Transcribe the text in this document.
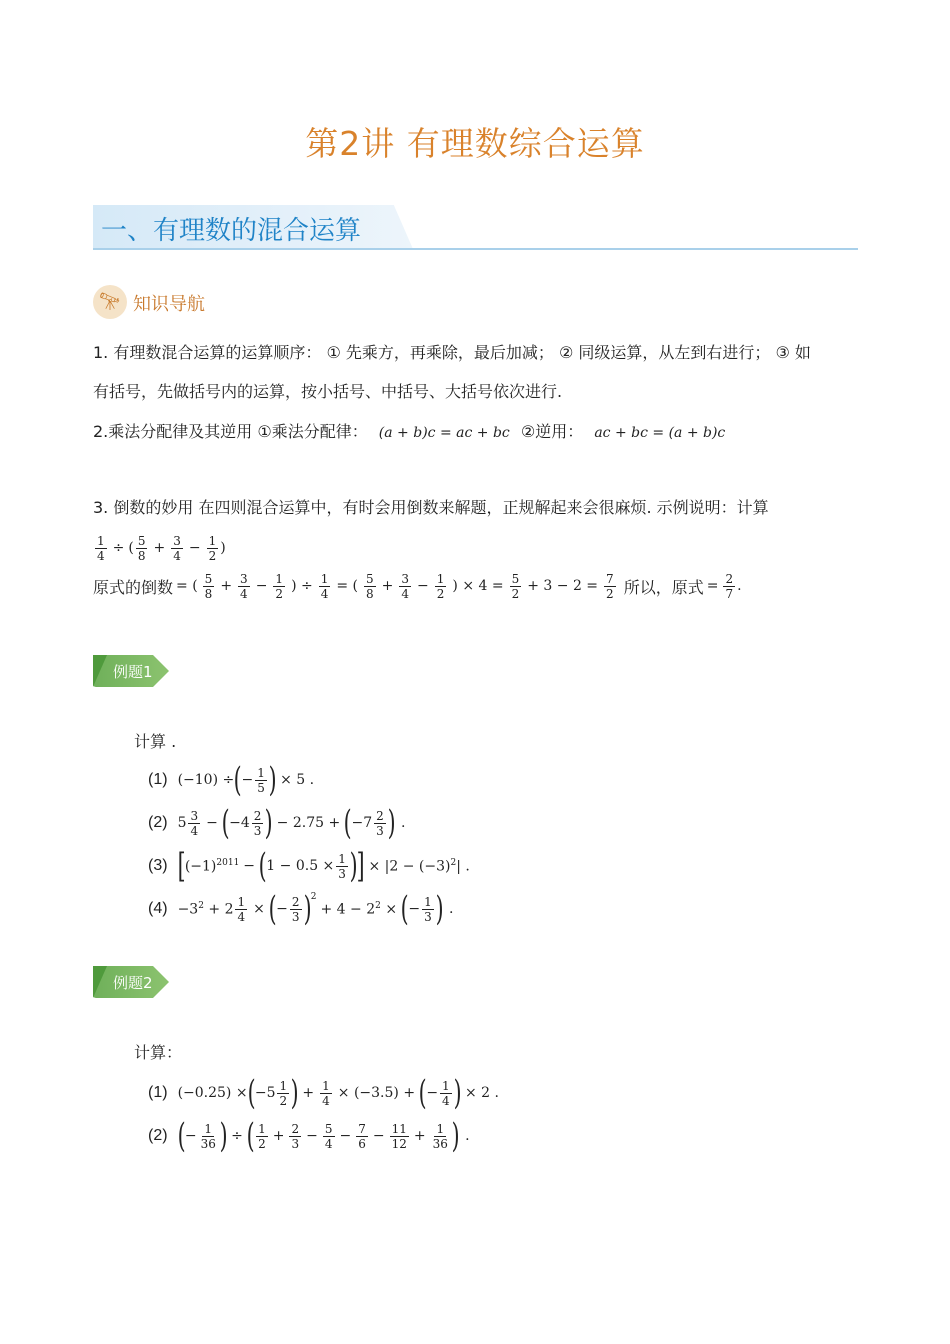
第2讲 有理数综合运算
一、有理数的混合运算
🔭︎ 知识导航
1. 有理数混合运算的运算顺序： ① 先乘方，再乘除，最后加减； ② 同级运算，从左到右进行； ③ 如
有括号，先做括号内的运算，按小括号、中括号、大括号依次进行.
2.乘法分配律及其逆用 ①乘法分配律： (a + b)c = ac + bc ②逆用： ac + bc = (a + b)c
3. 倒数的妙用 在四则混合运算中，有时会用倒数来解题，正规解起来会很麻烦. 示例说明：计算
$\frac{1}{4}$ ÷ ( $\frac{5}{8} + \frac{3}{4} - \frac{1}{2}$ )
原式的倒数 = ( $\frac{5}{8} + \frac{3}{4} - \frac{1}{2}$ ) ÷ $\frac{1}{4}$ = ( $\frac{5}{8} + \frac{3}{4} - \frac{1}{2}$ ) × $4 = \frac{5}{2} + 3 - 2 = \frac{7}{2}$ 所以，原式 = $\frac{2}{7}$ .
例题1
计算 .
(1) (−10) ÷ ( − $\frac{1}{5}$ ) × 5 .
(2) $5 \frac{3}{4}$ − ( $-4 \frac{2}{3}$ ) − 2.75 + ( $-7 \frac{2}{3}$ ) .
(3) [ $(-1)^{2011}$ − ( $1 - 0.5 \times \frac{1}{3}$ ) ] × $|2 - (-3)^2|$ .
$(4) -3^2 + 2 \frac{1}{4}$ × ( − $\frac{2}{3}$ ) 2
+ $4 - 2^2$ × ( − $\frac{1}{3}$ ) .
例题2
计算：
(1) (−0.25) × ( $-5 \frac{1}{2}$ ) + $\frac{1}{4} \times (-3.5)$ + ( − $\frac{1}{4}$ ) × 2 .
(2) ( − $\frac{1}{36}$ ) ÷ ( $\frac{1}{2} + \frac{2}{3} - \frac{5}{4} - \frac{7}{6} - \frac{11}{12} + \frac{1}{36}$ ) .
